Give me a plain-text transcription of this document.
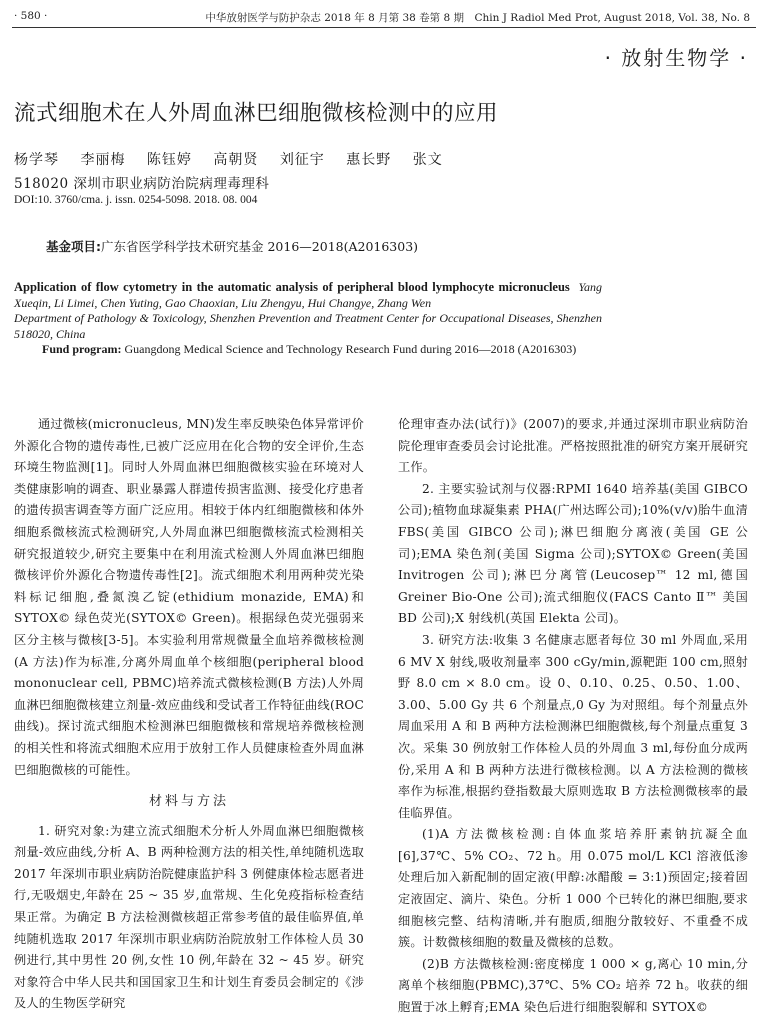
· 580 ·	中华放射医学与防护杂志 2018 年 8 月第 38 卷第 8 期　Chin J Radiol Med Prot, August 2018, Vol. 38, No. 8
· 放射生物学 ·
流式细胞术在人外周血淋巴细胞微核检测中的应用
杨学琴 李丽梅 陈钰婷 高朝贤 刘征宇 惠长野 张文
518020 深圳市职业病防治院病理毒理科
DOI:10. 3760/cma. j. issn. 0254-5098. 2018. 08. 004
基金项目:广东省医学科学技术研究基金 2016—2018(A2016303)
Application of flow cytometry in the automatic analysis of peripheral blood lymphocyte micronucleus Yang Xueqin, Li Limei, Chen Yuting, Gao Chaoxian, Liu Zhengyu, Hui Changye, Zhang Wen
Department of Pathology & Toxicology, Shenzhen Prevention and Treatment Center for Occupational Diseases, Shenzhen 518020, China
Fund program: Guangdong Medical Science and Technology Research Fund during 2016—2018 (A2016303)

通过微核(micronucleus, MN)发生率反映染色体异常评价外源化合物的遗传毒性,已被广泛应用在化合物的安全评价,生态环境生物监测[1]。同时人外周血淋巴细胞微核实验在环境对人类健康影响的调查、职业暴露人群遗传损害监测、接受化疗患者的遗传损害调查等方面广泛应用。相较于体内红细胞微核和体外细胞系微核流式检测研究,人外周血淋巴细胞微核流式检测相关研究报道较少,研究主要集中在利用流式检测人外周血淋巴细胞微核评价外源化合物遗传毒性[2]。流式细胞术利用两种荧光染料标记细胞,叠氮溴乙锭(ethidium monazide, EMA)和 SYTOX© 绿色荧光(SYTOX© Green)。根据绿色荧光强弱来区分主核与微核[3-5]。本实验利用常规微量全血培养微核检测(A 方法)作为标准,分离外周血单个核细胞(peripheral blood mononuclear cell, PBMC)培养流式微核检测(B 方法)人外周血淋巴细胞微核建立剂量-效应曲线和受试者工作特征曲线(ROC 曲线)。探讨流式细胞术检测淋巴细胞微核和常规培养微核检测的相关性和将流式细胞术应用于放射工作人员健康检查外周血淋巴细胞微核的可能性。

材料与方法

1. 研究对象:为建立流式细胞术分析人外周血淋巴细胞微核剂量-效应曲线,分析 A、B 两种检测方法的相关性,单纯随机选取 2017 年深圳市职业病防治院健康监护科 3 例健康体检志愿者进行,无吸烟史,年龄在 25 ~ 35 岁,血常规、生化免疫指标检查结果正常。为确定 B 方法检测微核超正常参考值的最佳临界值,单纯随机选取 2017 年深圳市职业病防治院放射工作体检人员 30 例进行,其中男性 20 例,女性 10 例,年龄在 32 ~ 45 岁。研究对象符合中华人民共和国国家卫生和计划生育委员会制定的《涉及人的生物医学研究

伦理审查办法(试行)》(2007)的要求,并通过深圳市职业病防治院伦理审查委员会讨论批准。严格按照批准的研究方案开展研究工作。

2. 主要实验试剂与仪器:RPMI 1640 培养基(美国 GIBCO 公司);植物血球凝集素 PHA(广州达晖公司);10%(v/v)胎牛血清 FBS(美国 GIBCO 公司);淋巴细胞分离液(美国 GE 公司);EMA 染色剂(美国 Sigma 公司);SYTOX© Green(美国 Invitrogen 公司);淋巴分离管(Leucosep™ 12 ml,德国 Greiner Bio-One 公司);流式细胞仪(FACS Canto Ⅱ™ 美国 BD 公司);X 射线机(英国 Elekta 公司)。

3. 研究方法:收集 3 名健康志愿者每位 30 ml 外周血,采用 6 MV X 射线,吸收剂量率 300 cGy/min,源靶距 100 cm,照射野 8.0 cm × 8.0 cm。设 0、0.10、0.25、0.50、1.00、3.00、5.00 Gy 共 6 个剂量点,0 Gy 为对照组。每个剂量点外周血采用 A 和 B 两种方法检测淋巴细胞微核,每个剂量点重复 3 次。采集 30 例放射工作体检人员的外周血 3 ml,每份血分成两份,采用 A 和 B 两种方法进行微核检测。以 A 方法检测的微核率作为标准,根据约登指数最大原则选取 B 方法检测微核率的最佳临界值。

(1)A 方法微核检测:自体血浆培养肝素钠抗凝全血[6],37℃、5% CO₂、72 h。用 0.075 mol/L KCl 溶液低渗处理后加入新配制的固定液(甲醇:冰醋酸 = 3:1)预固定;接着固定液固定、滴片、染色。分析 1 000 个已转化的淋巴细胞,要求细胞核完整、结构清晰,并有胞质,细胞分散较好、不重叠不成簇。计数微核细胞的数量及微核的总数。

(2)B 方法微核检测:密度梯度 1 000 × g,离心 10 min,分离单个核细胞(PBMC),37℃、5% CO₂ 培养 72 h。收获的细胞置于冰上孵育;EMA 染色后进行细胞裂解和 SYTOX©
